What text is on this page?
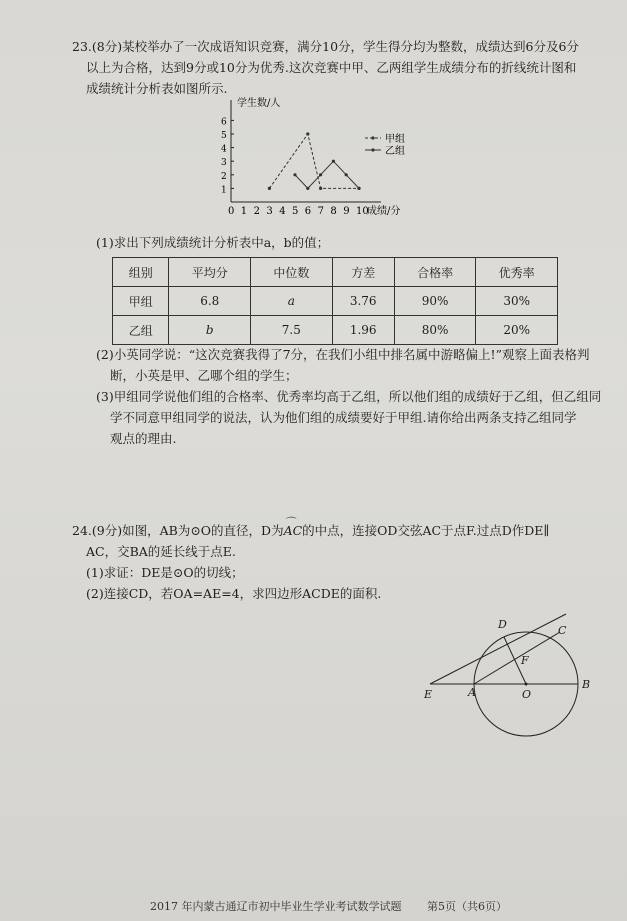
23.(8分)某校举办了一次成语知识竞赛，满分10分，学生得分均为整数，成绩达到6分及6分

以上为合格，达到9分或10分为优秀.这次竞赛中甲、乙两组学生成绩分布的折线统计图和

成绩统计分析表如图所示.

学生数/人
成绩/分
0 1 2 3 4 5 6 7 8 9 10
1
2
3
4
5
6
甲组
乙组

(1)求出下列成绩统计分析表中a，b的值；

组别	平均分	中位数	方差	合格率	优秀率
甲组	6.8	a	3.76	90%	30%
乙组	b	7.5	1.96	80%	20%

(2)小英同学说：“这次竞赛我得了7分，在我们小组中排名属中游略偏上!”观察上面表格判

断，小英是甲、乙哪个组的学生；

(3)甲组同学说他们组的合格率、优秀率均高于乙组，所以他们组的成绩好于乙组，但乙组同

学不同意甲组同学的说法，认为他们组的成绩要好于甲组.请你给出两条支持乙组同学

观点的理由.

24.(9分)如图，AB为⊙O的直径，D为⌒ AC的中点，连接OD交弦AC于点F.过点D作DE∥

AC，交BA的延长线于点E.

(1)求证：DE是⊙O的切线；

(2)连接CD，若OA=AE=4，求四边形ACDE的面积.

D	C
F
E	A	O
B
2017 年内蒙古通辽市初中毕业生学业考试数学试题 第5页（共6页）
